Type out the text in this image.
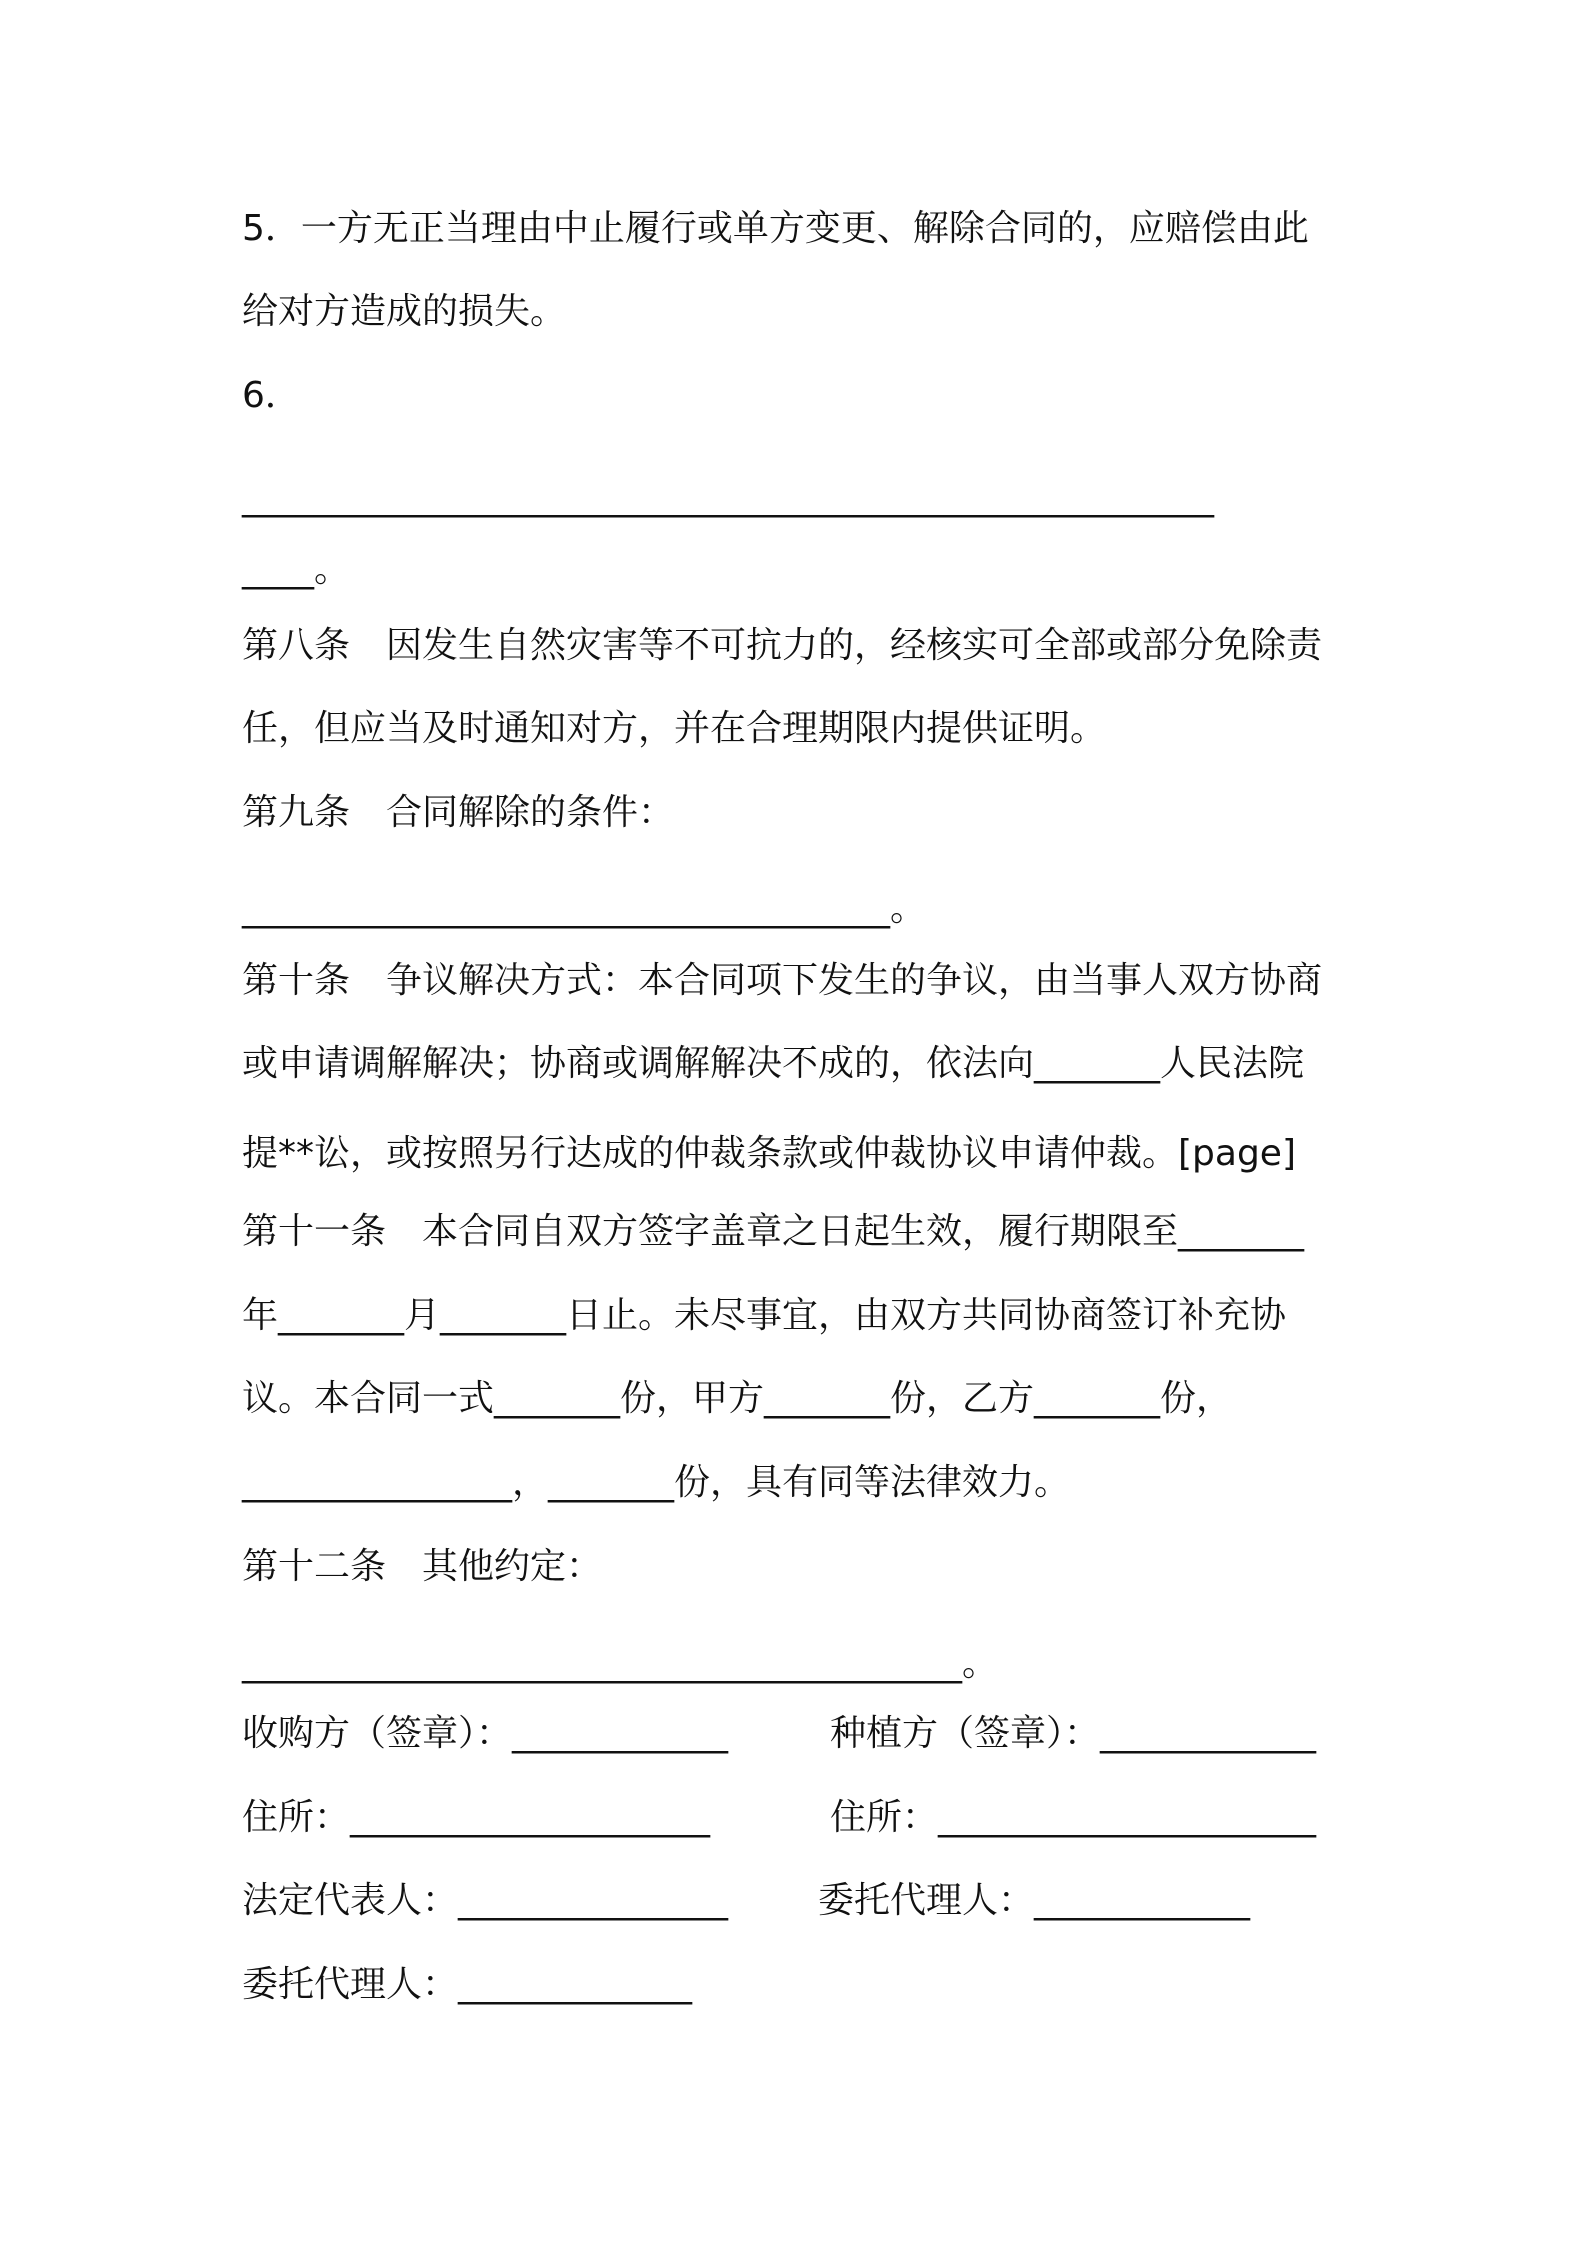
5．一方无正当理由中止履行或单方变更、解除合同的，应赔偿由此
给对方造成的损失。
6．
______________________________________________________
____。
第八条　因发生自然灾害等不可抗力的，经核实可全部或部分免除责
任，但应当及时通知对方，并在合理期限内提供证明。
第九条　合同解除的条件：
____________________________________。
第十条　争议解决方式：本合同项下发生的争议，由当事人双方协商
或申请调解解决；协商或调解解决不成的，依法向_______人民法院
提**讼，或按照另行达成的仲裁条款或仲裁协议申请仲裁。[page]
第十一条　本合同自双方签字盖章之日起生效，履行期限至_______
年_______月_______日止。未尽事宜，由双方共同协商签订补充协
议。本合同一式_______份，甲方_______份，乙方_______份，
_______________，_______份，具有同等法律效力。
第十二条　其他约定：
________________________________________。
收购方（签章）：____________	种植方（签章）：____________
住所：____________________	住所：_____________________
法定代表人：_______________ 委托代理人：____________
委托代理人：_____________
